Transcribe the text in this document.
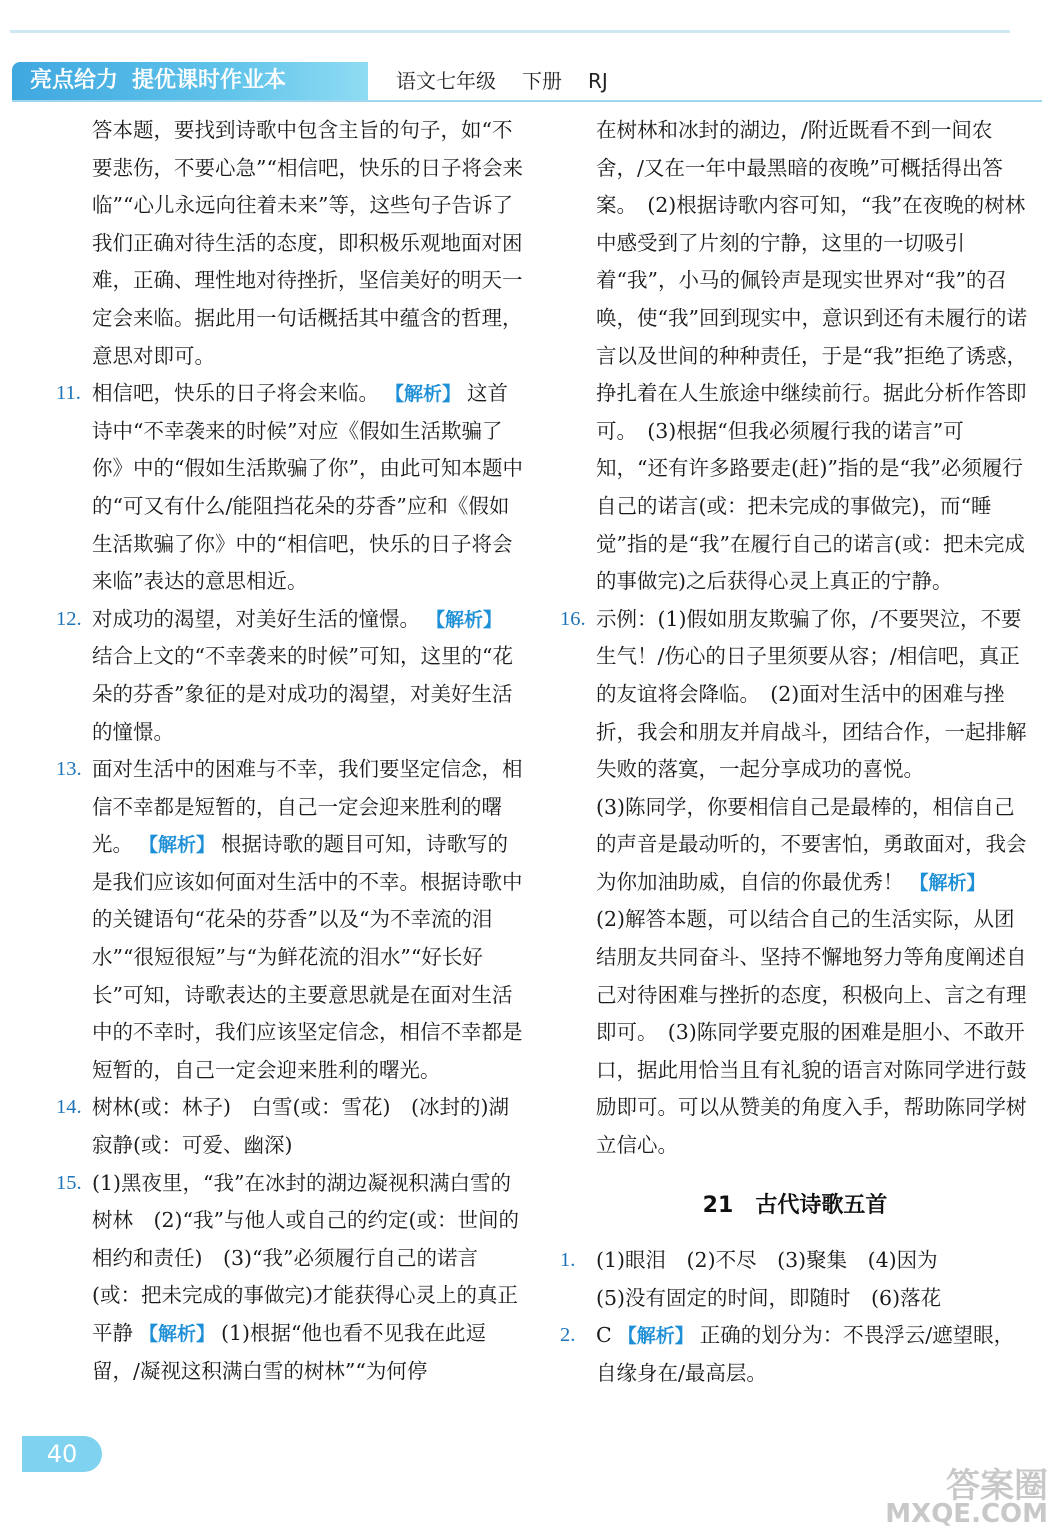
亮点给力 提优课时作业本	语文七年级 下册 RJ

答本题，要找到诗歌中包含主旨的句子，如“不要悲伤，不要心急”“相信吧，快乐的日子将会来临”“心儿永远向往着未来”等，这些句子告诉了我们正确对待生活的态度，即积极乐观地面对困难，正确、理性地对待挫折，坚信美好的明天一定会来临。据此用一句话概括其中蕴含的哲理，意思对即可。

11. 相信吧，快乐的日子将会来临。 【解析】 这首诗中“不幸袭来的时候”对应《假如生活欺骗了你》中的“假如生活欺骗了你”，由此可知本题中的“可又有什么/能阻挡花朵的芬香”应和《假如生活欺骗了你》中的“相信吧，快乐的日子将会来临”表达的意思相近。
12. 对成功的渴望，对美好生活的憧憬。 【解析】结合上文的“不幸袭来的时候”可知，这里的“花朵的芬香”象征的是对成功的渴望，对美好生活的憧憬。
13. 面对生活中的困难与不幸，我们要坚定信念，相信不幸都是短暂的，自己一定会迎来胜利的曙光。 【解析】 根据诗歌的题目可知，诗歌写的是我们应该如何面对生活中的不幸。根据诗歌中的关键语句“花朵的芬香”以及“为不幸流的泪水”“很短很短”与“为鲜花流的泪水”“好长好长”可知，诗歌表达的主要意思就是在面对生活中的不幸时，我们应该坚定信念，相信不幸都是短暂的，自己一定会迎来胜利的曙光。
14. 树林(或：林子)　白雪(或：雪花)　(冰封的)湖　寂静(或：可爱、幽深)
15. (1)黑夜里，“我”在冰封的湖边凝视积满白雪的树林　(2)“我”与他人或自己的约定(或：世间的相约和责任)　(3)“我”必须履行自己的诺言(或：把未完成的事做完)才能获得心灵上的真正平静 【解析】 (1)根据“他也看不见我在此逗留，/凝视这积满白雪的树林”“为何停

在树林和冰封的湖边，/附近既看不到一间农舍，/又在一年中最黑暗的夜晚”可概括得出答案。　(2)根据诗歌内容可知，“我”在夜晚的树林中感受到了片刻的宁静，这里的一切吸引着“我”，小马的佩铃声是现实世界对“我”的召唤，使“我”回到现实中，意识到还有未履行的诺言以及世间的种种责任，于是“我”拒绝了诱惑，挣扎着在人生旅途中继续前行。据此分析作答即可。　(3)根据“但我必须履行我的诺言”可知，“还有许多路要走(赶)”指的是“我”必须履行自己的诺言(或：把未完成的事做完)，而“睡觉”指的是“我”在履行自己的诺言(或：把未完成的事做完)之后获得心灵上真正的宁静。

16. 示例：(1)假如朋友欺骗了你，/不要哭泣，不要生气！/伤心的日子里须要从容；/相信吧，真正的友谊将会降临。　(2)面对生活中的困难与挫折，我会和朋友并肩战斗，团结合作，一起排解失败的落寞，一起分享成功的喜悦。

(3)陈同学，你要相信自己是最棒的，相信自己的声音是最动听的，不要害怕，勇敢面对，我会为你加油助威，自信的你最优秀！ 【解析】

(2)解答本题，可以结合自己的生活实际，从团结朋友共同奋斗、坚持不懈地努力等角度阐述自己对待困难与挫折的态度，积极向上、言之有理即可。　(3)陈同学要克服的困难是胆小、不敢开口，据此用恰当且有礼貌的语言对陈同学进行鼓励即可。可以从赞美的角度入手，帮助陈同学树立信心。

21　 古代诗歌五首
1. (1)眼泪　(2)不尽　(3)聚集　(4)因为
(5)没有固定的时间，即随时　(6)落花
2. C 【解析】 正确的划分为：不畏浮云/遮望眼，自缘身在/最高层。
40
答案圈
MXQE.COM
